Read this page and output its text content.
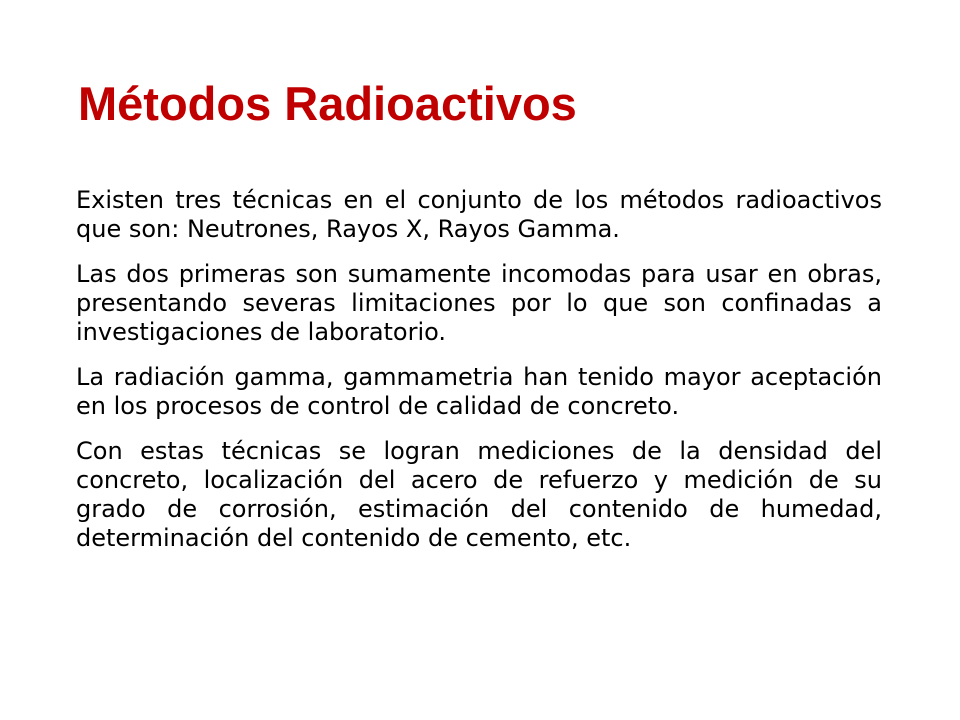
Métodos Radioactivos

Existen tres técnicas en el conjunto de los métodos radioactivos que son: Neutrones, Rayos X, Rayos Gamma.

Las dos primeras son sumamente incomodas para usar en obras, presentando severas limitaciones por lo que son confinadas a investigaciones de laboratorio.

La radiación gamma, gammametria han tenido mayor aceptación en los procesos de control de calidad de concreto.

Con estas técnicas se logran mediciones de la densidad del concreto, localización del acero de refuerzo y medición de su grado de corrosión, estimación del contenido de humedad, determinación del contenido de cemento, etc.
